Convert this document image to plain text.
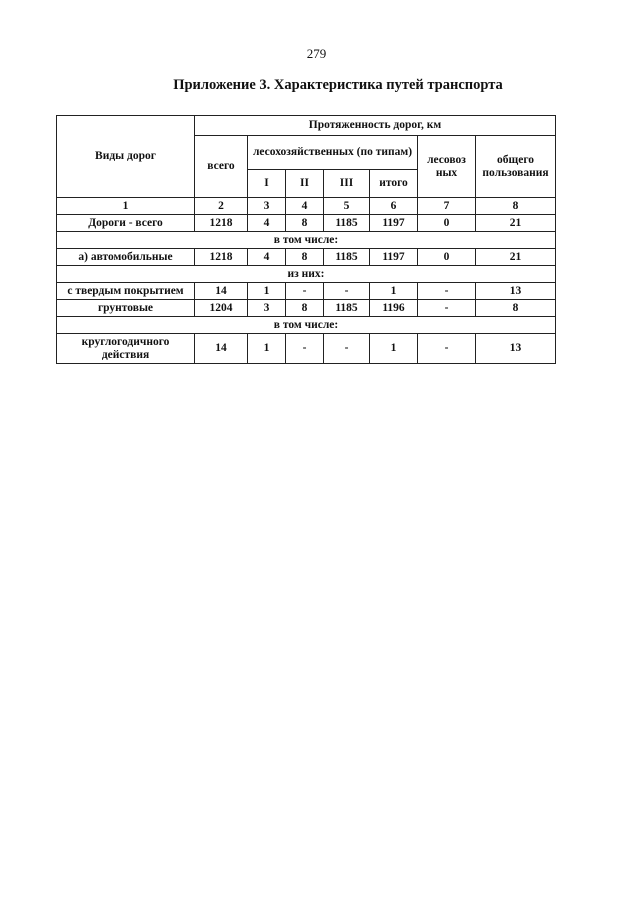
279
Приложение 3. Характеристика путей транспорта
Виды дорог	Протяженность дорог, км						
	всего	лесохозяйственных (по типам)				лесовоз ных	общего пользования
		I	II	III	итого		
1	2	3	4	5	6	7	8
Дороги - всего	1218	4	8	1185	1197	0	21
в том числе:							
а) автомобильные	1218	4	8	1185	1197	0	21
из них:							
с твердым покрытием	14	1	-	-	1	-	13
грунтовые	1204	3	8	1185	1196	-	8
в том числе:							
круглогодичного действия	14	1	-	-	1	-	13
